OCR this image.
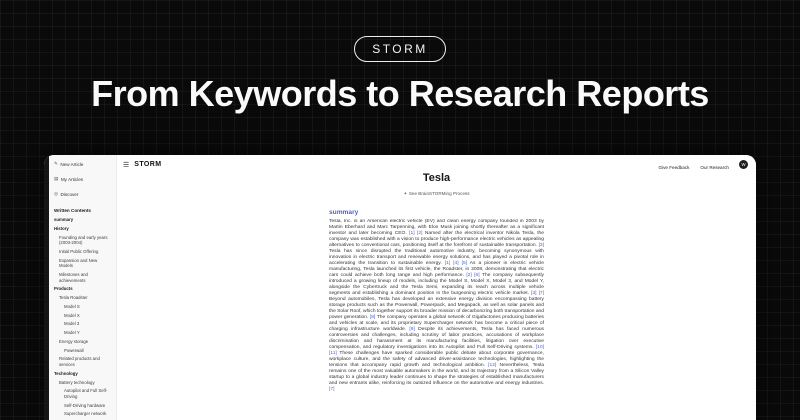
STORM
From Keywords to Research Reports
✎ New Article
▤ My Articles
◎ Discover
Written Contents
summary
History
Founding and early years (2003-2004)
Initial Public Offering
Expansion and New Models
Milestones and achievements
Products
Tesla Roadster
Model S
Model X
Model 3
Model Y
Energy storage
Powerwall
Related products and services
Technology
Battery technology
Autopilot and Full Self-Driving
Self-Driving hardware
Supercharger network
☰ STORM	Give Feedback Our Research	W
Tesla
✦ See BrainSTORMing Process
summary
Tesla, Inc. is an American electric vehicle (EV) and clean energy company founded in 2003 by Martin Eberhard and Marc Tarpenning, with Elon Musk joining shortly thereafter as a significant investor and later becoming CEO. [1] [2] Named after the electrical inventor Nikola Tesla, the company was established with a vision to produce high-performance electric vehicles as appealing alternatives to conventional cars, positioning itself at the forefront of sustainable transportation. [3] Tesla has since disrupted the traditional automotive industry, becoming synonymous with innovation in electric transport and renewable energy solutions, and has played a pivotal role in accelerating the transition to sustainable energy. [1] [4] [5] As a pioneer in electric vehicle manufacturing, Tesla launched its first vehicle, the Roadster, in 2008, demonstrating that electric cars could achieve both long range and high performance. [2] [6] The company subsequently introduced a growing lineup of models, including the Model S, Model X, Model 3, and Model Y, alongside the Cybertruck and the Tesla Semi, expanding its reach across multiple vehicle segments and establishing a dominant position in the burgeoning electric vehicle market. [3] [7] Beyond automobiles, Tesla has developed an extensive energy division encompassing battery storage products such as the Powerwall, Powerpack, and Megapack, as well as solar panels and the Solar Roof, which together support its broader mission of decarbonizing both transportation and power generation. [8] The company operates a global network of Gigafactories producing batteries and vehicles at scale, and its proprietary Supercharger network has become a critical piece of charging infrastructure worldwide. [9] Despite its achievements, Tesla has faced numerous controversies and challenges, including scrutiny of labor practices, accusations of workplace discrimination and harassment at its manufacturing facilities, litigation over executive compensation, and regulatory investigations into its Autopilot and Full Self-Driving systems. [10] [11] These challenges have sparked considerable public debate about corporate governance, workplace culture, and the safety of advanced driver-assistance technologies, highlighting the tensions that accompany rapid growth and technological ambition. [12] Nevertheless, Tesla remains one of the most valuable automakers in the world, and its trajectory from a Silicon Valley startup to a global industry leader continues to shape the strategies of established manufacturers and new entrants alike, reinforcing its outsized influence on the automotive and energy industries. [7]
